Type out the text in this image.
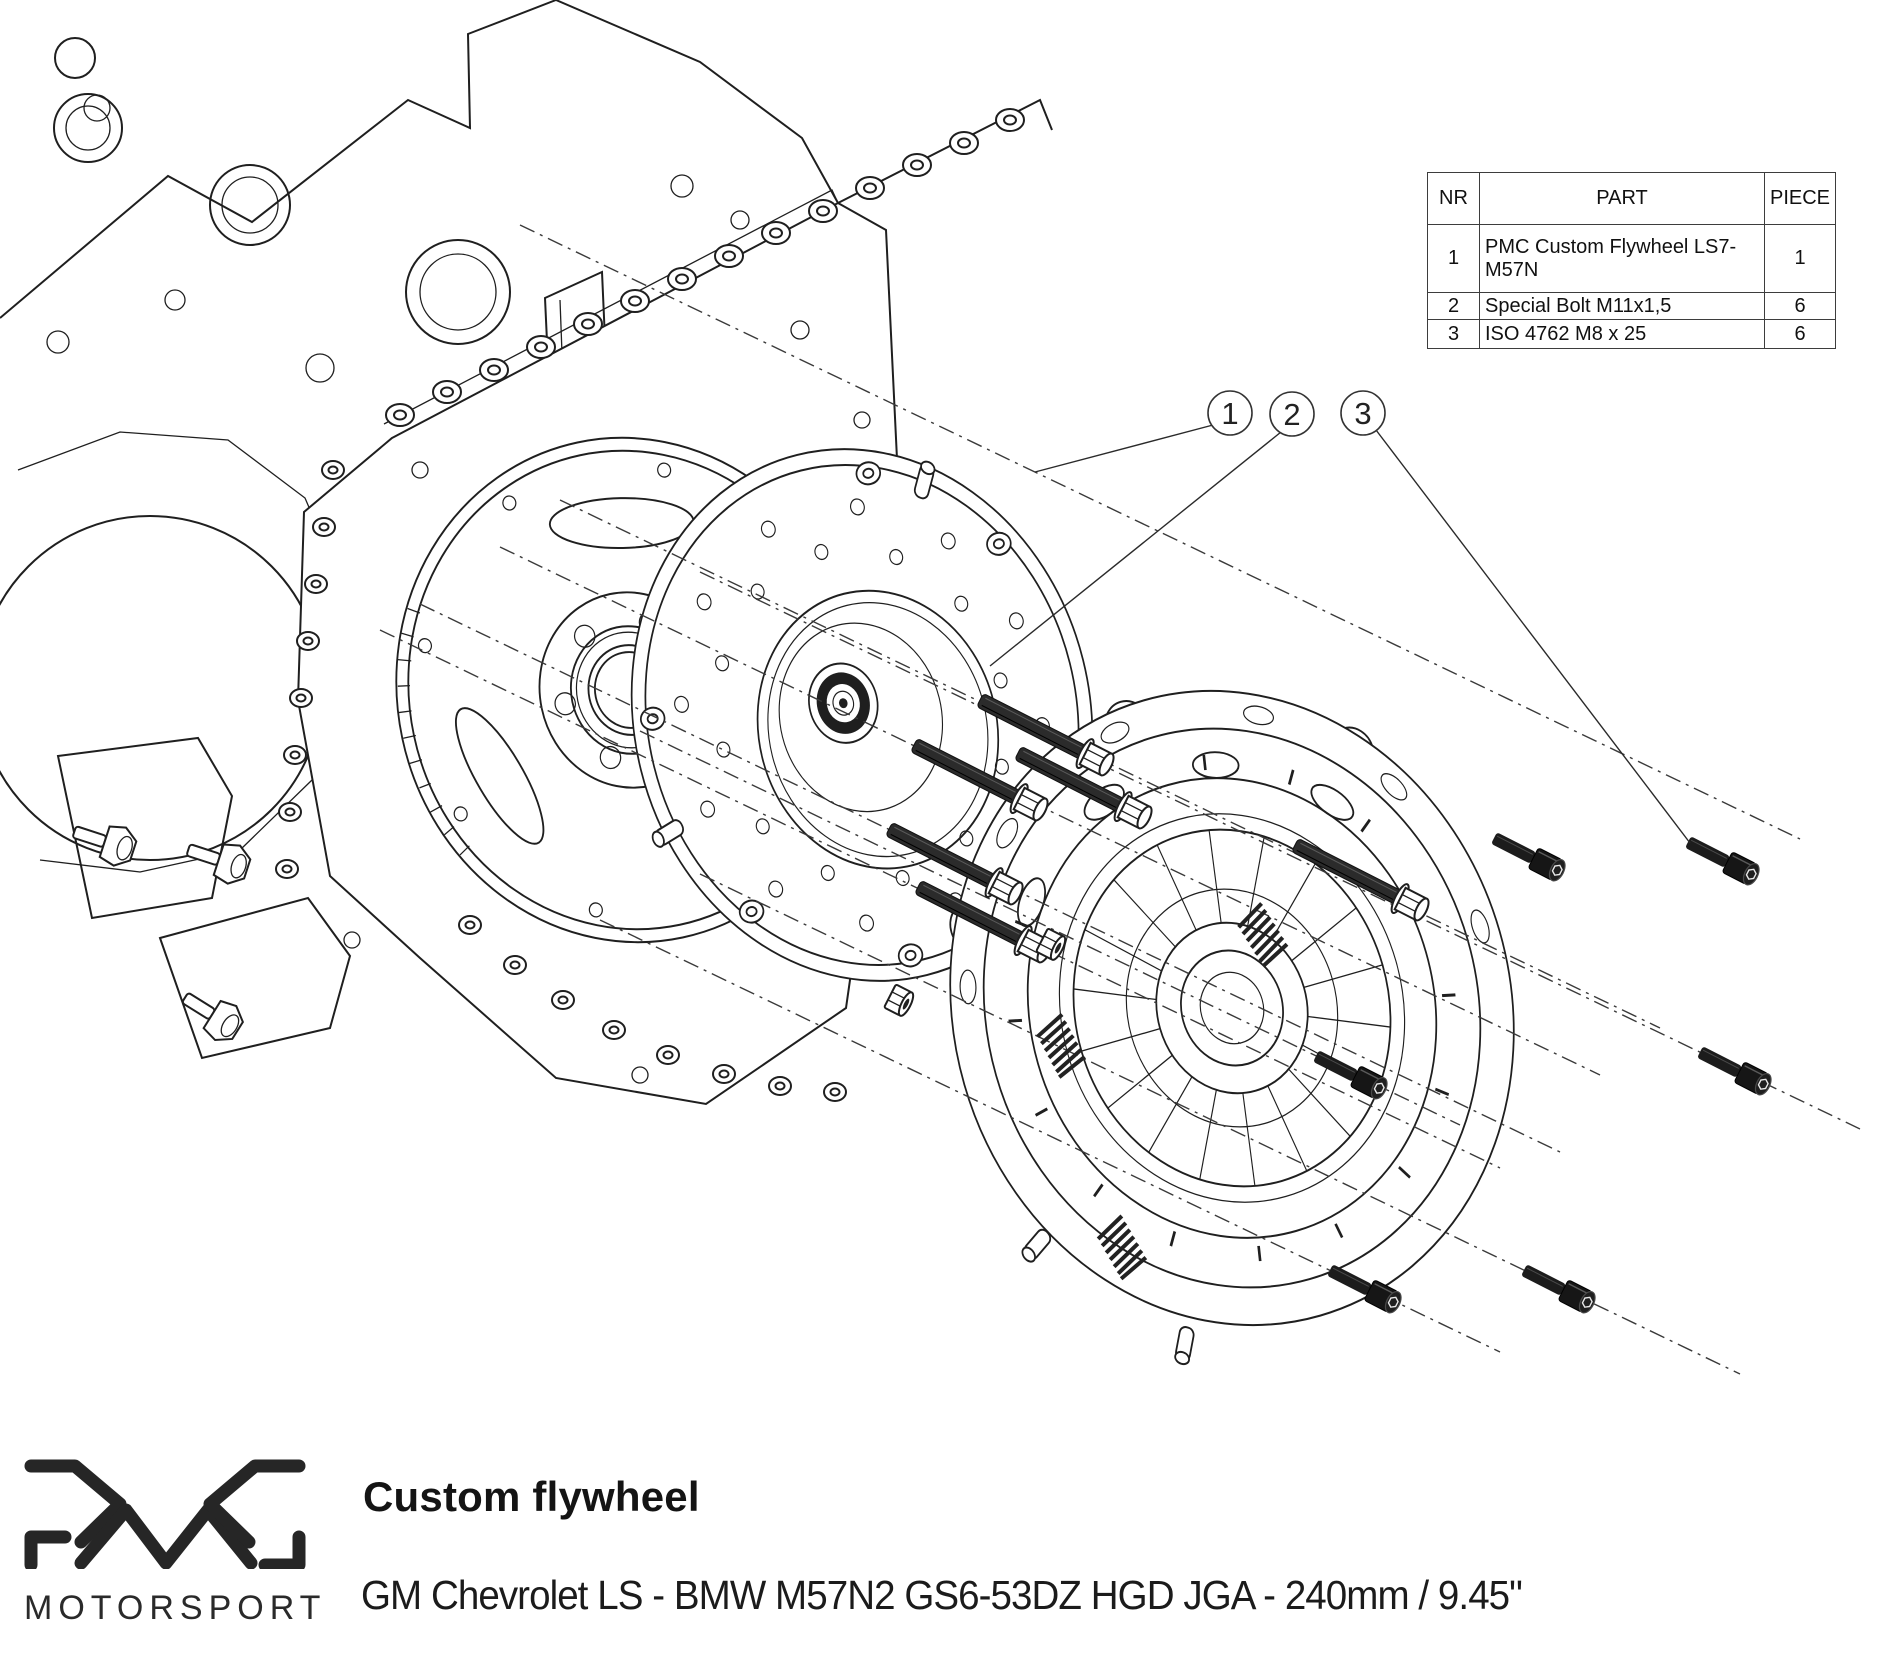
1 2 3
NR	PART	PIECE
1	PMC Custom Flywheel LS7-M57N	1
2	Special Bolt M11x1,5	6
3	ISO 4762 M8 x 25	6
MOTORSPORT
Custom flywheel
GM Chevrolet LS - BMW M57N2 GS6-53DZ HGD JGA - 240mm / 9.45"
